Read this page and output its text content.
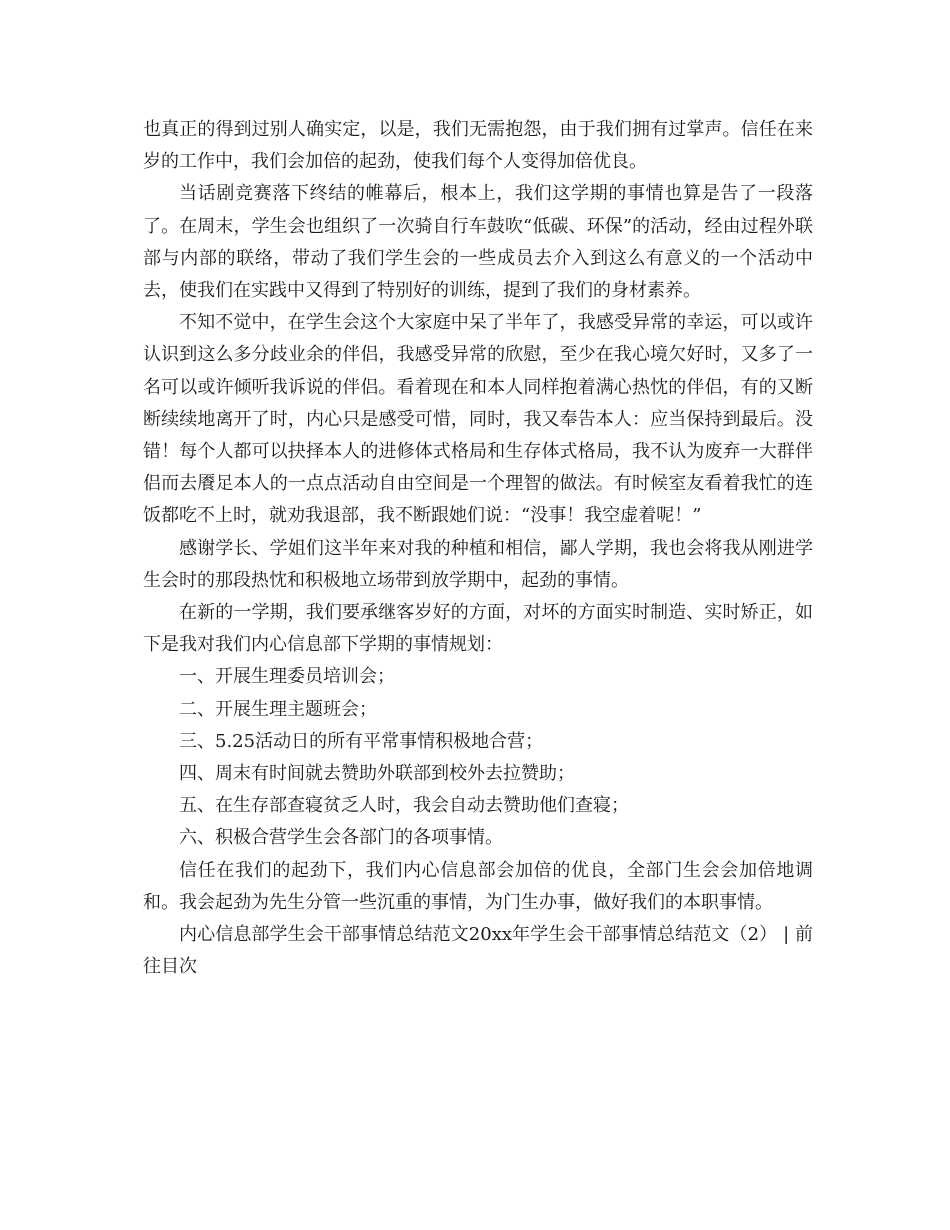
也真正的得到过别人确实定，以是，我们无需抱怨，由于我们拥有过掌声。信任在来岁的工作中，我们会加倍的起劲，使我们每个人变得加倍优良。

当话剧竞赛落下终结的帷幕后，根本上，我们这学期的事情也算是告了一段落了。在周末，学生会也组织了一次骑自行车鼓吹“低碳、环保”的活动，经由过程外联部与内部的联络，带动了我们学生会的一些成员去介入到这么有意义的一个活动中去，使我们在实践中又得到了特别好的训练，提到了我们的身材素养。

不知不觉中，在学生会这个大家庭中呆了半年了，我感受异常的幸运，可以或许认识到这么多分歧业余的伴侣，我感受异常的欣慰，至少在我心境欠好时，又多了一名可以或许倾听我诉说的伴侣。看着现在和本人同样抱着满心热忱的伴侣，有的又断断续续地离开了时，内心只是感受可惜，同时，我又奉告本人：应当保持到最后。没错！每个人都可以抉择本人的进修体式格局和生存体式格局，我不认为废弃一大群伴侣而去餍足本人的一点点活动自由空间是一个理智的做法。有时候室友看着我忙的连饭都吃不上时，就劝我退部，我不断跟她们说：“没事！我空虚着呢！”

感谢学长、学姐们这半年来对我的种植和相信，鄙人学期，我也会将我从刚进学生会时的那段热忱和积极地立场带到放学期中，起劲的事情。

在新的一学期，我们要承继客岁好的方面，对坏的方面实时制造、实时矫正，如下是我对我们内心信息部下学期的事情规划：

一、开展生理委员培训会；

二、开展生理主题班会；

三、5.25活动日的所有平常事情积极地合营；

四、周末有时间就去赞助外联部到校外去拉赞助；

五、在生存部查寝贫乏人时，我会自动去赞助他们查寝；

六、积极合营学生会各部门的各项事情。

信任在我们的起劲下，我们内心信息部会加倍的优良，全部门生会会加倍地调和。我会起劲为先生分管一些沉重的事情，为门生办事，做好我们的本职事情。

内心信息部学生会干部事情总结范文20xx年学生会干部事情总结范文（2） | 前往目次
